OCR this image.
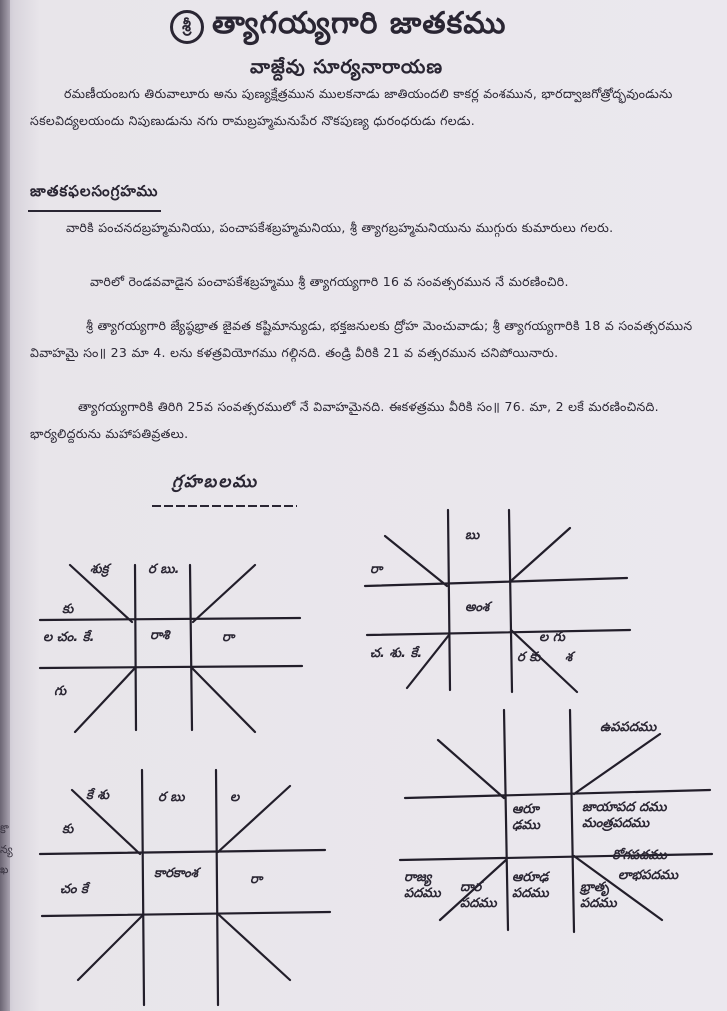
శ్రీ త్యాగయ్యగారి జాతకము
వాజ్దేవు సూర్యనారాయణ
రమణీయంబగు తిరువాలూరు అను పుణ్యక్షేత్రమున ములకనాడు జాతియందలి కాకర్ల వంశమున, భారద్వాజగోత్రోద్భవుండును సకలవిద్యలయందు నిపుణుడును నగు రామబ్రహ్మమనుపేర నొకపుణ్య ధురంధరుడు గలడు.
జాతకఫలసంగ్రహము
వారికి పంచనదబ్రహ్మమనియు, పంచాపకేశబ్రహ్మమనియు, శ్రీ త్యాగబ్రహ్మమనియును ముగ్గురు కుమారులు గలరు.
వారిలో రెండవవాడైన పంచాపకేశబ్రహ్మము శ్రీ త్యాగయ్యగారి 16 వ సంవత్సరమున నే మరణించిరి.
శ్రీ త్యాగయ్యగారి జ్యేష్ఠభ్రాత జైవత కష్టిమాన్యుడు, భక్తజనులకు ద్రోహ మెంచువాడు; శ్రీ త్యాగయ్యగారికి 18 వ సంవత్సరమున వివాహమై సం॥ 23 మా 4. లను కళత్రవియోగము గల్గినది. తండ్రి వీరికి 21 వ వత్సరమున చనిపోయినారు.
త్యాగయ్యగారికి తిరిగి 25వ సంవత్సరములో నే వివాహమైనది. ఈకళత్రము వీరికి సం॥ 76. మా, 2 లకే మరణించినది. భార్యలిద్దరును మహాపతివ్రతలు.
గ్రహబలము
శుక్ర	ర బు.
కు
ల చం. కే.	రాశి	రా
గు
బు
రా
అంశ
ల గు
ర కు
చ. శు. కే.	శ
కే శు	ర బు	ల
కు
చం కే
కారకాంశ	రా
ఉపపదము
ఆరూ ఢము
జాయాపద దము మంత్రపదము
రోగపదము
లాభపదము
రాజ్య పదము	దార పదము
ఆరూఢ పదము	భ్రాతృ పదము
కొ
న్య
ఖ
